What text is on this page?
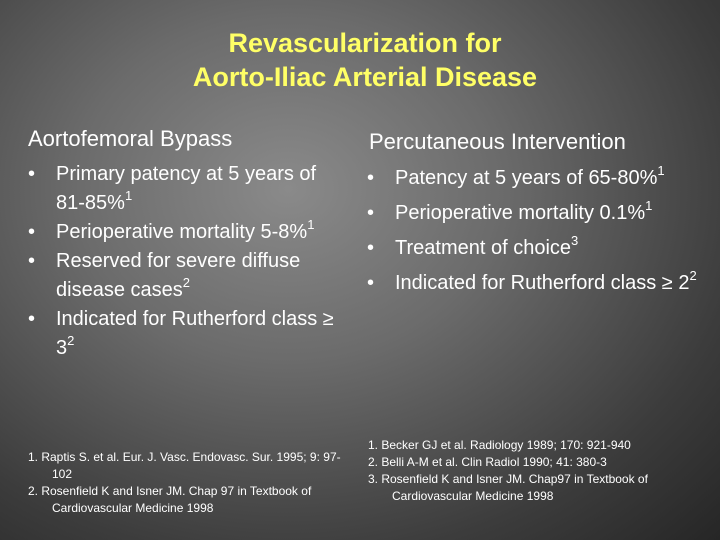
Revascularization for
Aorto-Iliac Arterial Disease
Aortofemoral Bypass
•	Primary patency at 5 years of 81-85%$^1$
•	Perioperative mortality 5-8%$^1$
•	Reserved for severe diffuse disease cases$^2$
•	Indicated for Rutherford class ≥ $3^2$
1. Raptis S. et al. Eur. J. Vasc. Endovasc. Sur. 1995; 9: 97-102
2. Rosenfield K and Isner JM. Chap 97 in Textbook of Cardiovascular Medicine 1998
Percutaneous Intervention
•	Patency at 5 years of 65-80%$^1$
•	Perioperative mortality 0.1%$^1$
•	Treatment of choice$^3$
•	Indicated for Rutherford class ≥ $2^2$
1. Becker GJ et al. Radiology 1989; 170: 921-940
2. Belli A-M et al. Clin Radiol 1990; 41: 380-3
3. Rosenfield K and Isner JM. Chap97 in Textbook of Cardiovascular Medicine 1998
